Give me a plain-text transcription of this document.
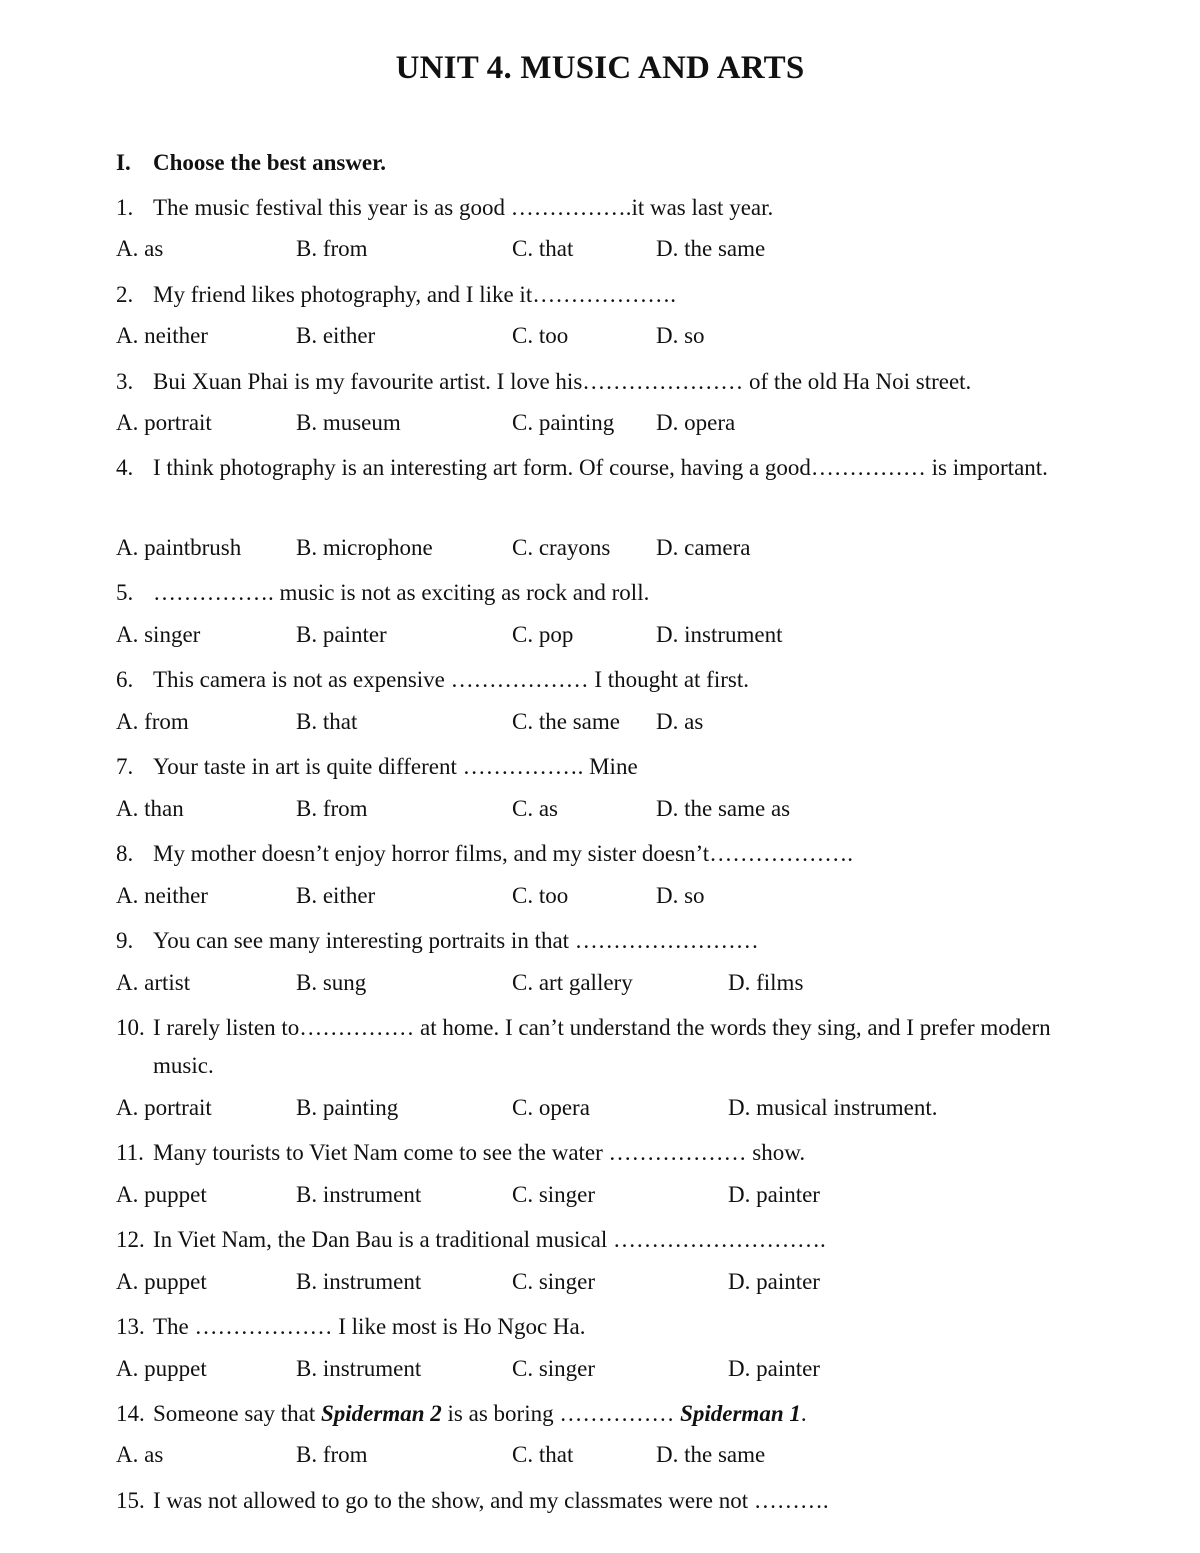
UNIT 4. MUSIC AND ARTS
I. Choose the best answer.
1. The music festival this year is as good …………….it was last year.
A. as	B. from	C. that	D. the same
2. My friend likes photography, and I like it……………….
A. neither	B. either	C. too	D. so
3. Bui Xuan Phai is my favourite artist. I love his………………… of the old Ha Noi street.
A. portrait	B. museum	C. painting D. opera
4. I think photography is an interesting art form. Of course, having a good…………… is important.
A. paintbrush B. microphone	C. crayons D. camera
5. ……………. music is not as exciting as rock and roll.
A. singer	B. painter	C. pop	D. instrument
6. This camera is not as expensive ……………… I thought at first.
A. from	B. that	C. the same D. as
7. Your taste in art is quite different ……………. Mine
A. than	B. from	C. as	D. the same as
8. My mother doesn’t enjoy horror films, and my sister doesn’t……………….
A. neither	B. either	C. too	D. so
9. You can see many interesting portraits in that ……………………
A. artist	B. sung	C. art gallery	D. films
10. I rarely listen to…………… at home. I can’t understand the words they sing, and I prefer modern music.
A. portrait	B. painting	C. opera	D. musical instrument.
11. Many tourists to Viet Nam come to see the water ……………… show.
A. puppet	B. instrument	C. singer	D. painter
12. In Viet Nam, the Dan Bau is a traditional musical ……………………….
A. puppet	B. instrument	C. singer	D. painter
13. The ……………… I like most is Ho Ngoc Ha.
A. puppet	B. instrument	C. singer	D. painter
14. Someone say that Spiderman 2 is as boring …………… Spiderman 1.
A. as	B. from	C. that	D. the same
15. I was not allowed to go to the show, and my classmates were not ……….
